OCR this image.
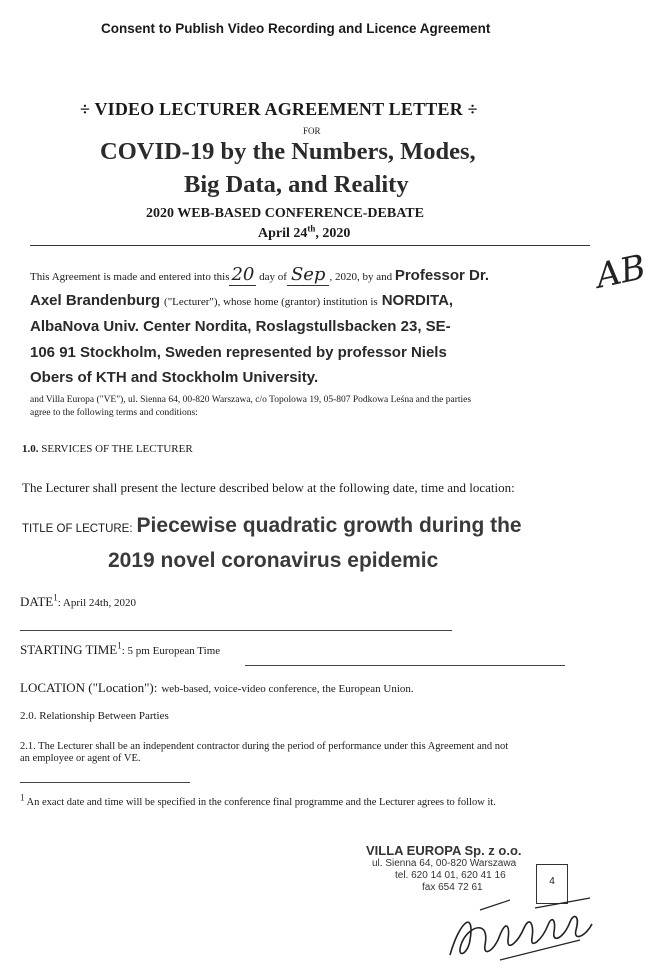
Consent to Publish Video Recording and Licence Agreement
÷ VIDEO LECTURER AGREEMENT LETTER ÷
FOR
COVID-19 by the Numbers, Modes,
Big Data, and Reality
2020 WEB-BASED CONFERENCE-DEBATE
April 24th, 2020
This Agreement is made and entered into this 20 day of Sep , 2020, by and Professor Dr.
Axel Brandenburg ("Lecturer"), whose home (grantor) institution is NORDITA,
AlbaNova Univ. Center Nordita, Roslagstullsbacken 23, SE-
106 91 Stockholm, Sweden represented by professor Niels
Obers of KTH and Stockholm University.
and Villa Europa ("VE"), ul. Sienna 64, 00-820 Warszawa, c/o Topolowa 19, 05-807 Podkowa Leśna and the parties
agree to the following terms and conditions:
AB
1.0. SERVICES OF THE LECTURER
The Lecturer shall present the lecture described below at the following date, time and location:
TITLE OF LECTURE: Piecewise quadratic growth during the
2019 novel coronavirus epidemic
DATE$^1$: April 24th, 2020
STARTING TIME$^1$: 5 pm European Time
LOCATION ("Location"): web-based, voice-video conference, the European Union.
2.0. Relationship Between Parties
2.1. The Lecturer shall be an independent contractor during the period of performance under this Agreement and not
an employee or agent of VE.
1 An exact date and time will be specified in the conference final programme and the Lecturer agrees to follow it.
VILLA EUROPA Sp. z o.o.
ul. Sienna 64, 00-820 Warszawa
tel. 620 14 01, 620 41 16
fax 654 72 61
4
